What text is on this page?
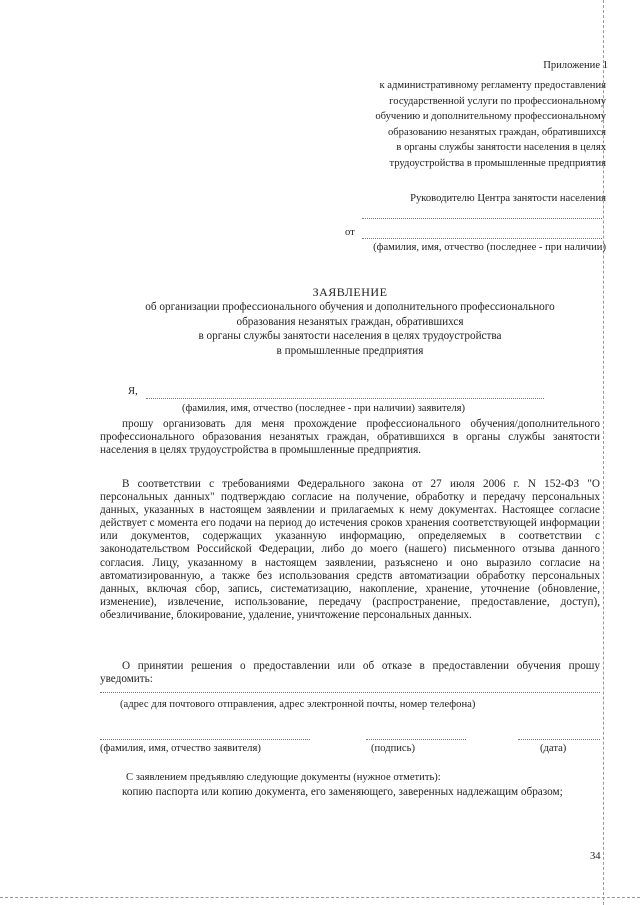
Приложение 1
к административному регламенту предоставления
государственной услуги по профессиональному
обучению и дополнительному профессиональному
образованию незанятых граждан, обратившихся
в органы службы занятости населения в целях
трудоустройства в промышленные предприятия
Руководителю Центра занятости населения
от
(фамилия, имя, отчество (последнее - при наличии)
ЗАЯВЛЕНИЕ
об организации профессионального обучения и дополнительного профессионального
образования незанятых граждан, обратившихся
в органы службы занятости населения в целях трудоустройства
в промышленные предприятия
Я,
(фамилия, имя, отчество (последнее - при наличии) заявителя)
прошу организовать для меня прохождение профессионального обучения/дополнительного профессионального образования незанятых граждан, обратившихся в органы службы занятости населения в целях трудоустройства в промышленные предприятия.
В соответствии с требованиями Федерального закона от 27 июля 2006 г. N 152-ФЗ "О персональных данных" подтверждаю согласие на получение, обработку и передачу персональных данных, указанных в настоящем заявлении и прилагаемых к нему документах. Настоящее согласие действует с момента его подачи на период до истечения сроков хранения соответствующей информации или документов, содержащих указанную информацию, определяемых в соответствии с законодательством Российской Федерации, либо до моего (нашего) письменного отзыва данного согласия. Лицу, указанному в настоящем заявлении, разъяснено и оно выразило согласие на автоматизированную, а также без использования средств автоматизации обработку персональных данных, включая сбор, запись, систематизацию, накопление, хранение, уточнение (обновление, изменение), извлечение, использование, передачу (распространение, предоставление, доступ), обезличивание, блокирование, удаление, уничтожение персональных данных.
О принятии решения о предоставлении или об отказе в предоставлении обучения прошу уведомить:
(адрес для почтового отправления, адрес электронной почты, номер телефона)
(фамилия, имя, отчество заявителя)	(подпись)	(дата)
С заявлением предъявляю следующие документы (нужное отметить):
копию паспорта или копию документа, его заменяющего, заверенных надлежащим образом;
34
